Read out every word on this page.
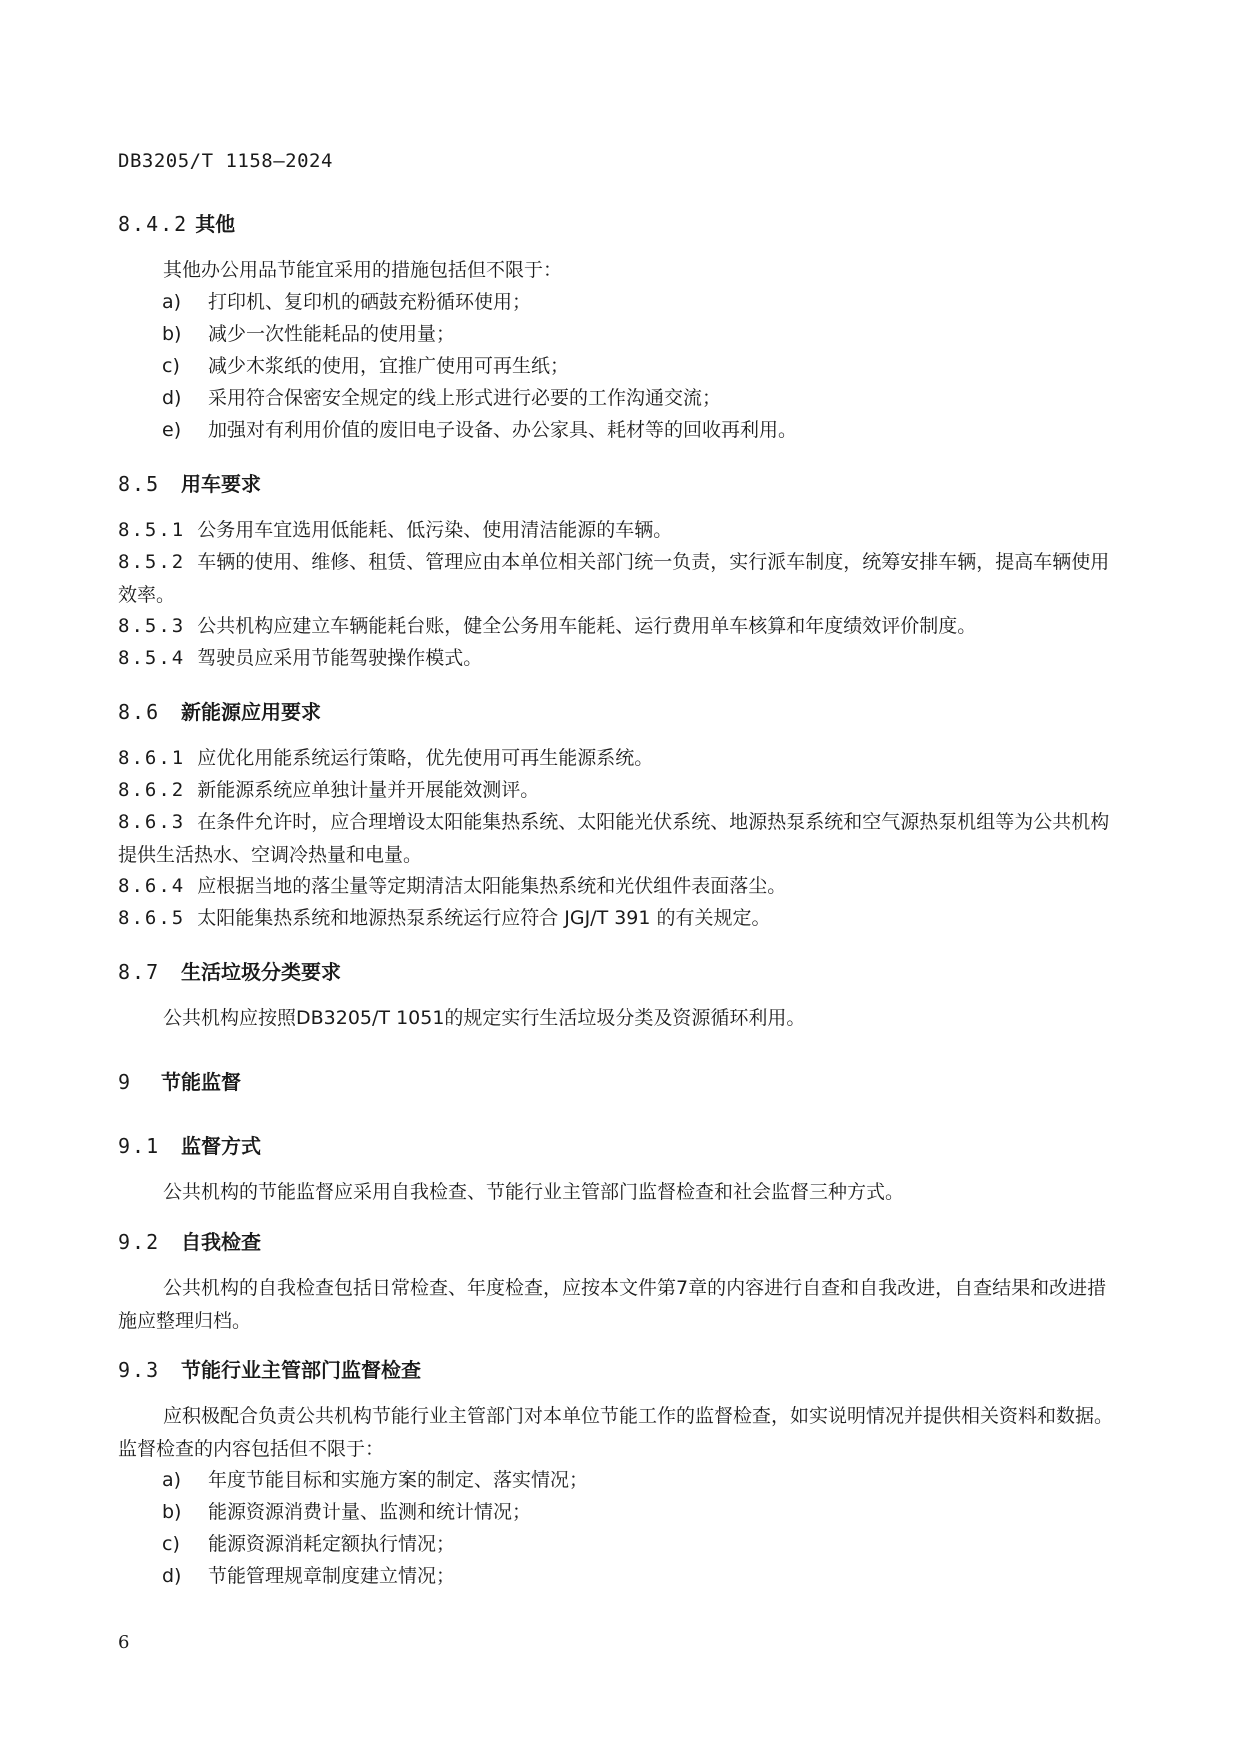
DB3205/T 1158—2024
8.4.2 其他
其他办公用品节能宜采用的措施包括但不限于：
a) 打印机、复印机的硒鼓充粉循环使用；
b) 减少一次性能耗品的使用量；
c) 减少木浆纸的使用，宜推广使用可再生纸；
d) 采用符合保密安全规定的线上形式进行必要的工作沟通交流；
e) 加强对有利用价值的废旧电子设备、办公家具、耗材等的回收再利用。
8.5 用车要求
8.5.1 公务用车宜选用低能耗、低污染、使用清洁能源的车辆。
8.5.2 车辆的使用、维修、租赁、管理应由本单位相关部门统一负责，实行派车制度，统筹安排车辆，提高车辆使用效率。
8.5.3 公共机构应建立车辆能耗台账，健全公务用车能耗、运行费用单车核算和年度绩效评价制度。
8.5.4 驾驶员应采用节能驾驶操作模式。
8.6 新能源应用要求
8.6.1 应优化用能系统运行策略，优先使用可再生能源系统。
8.6.2 新能源系统应单独计量并开展能效测评。
8.6.3 在条件允许时，应合理增设太阳能集热系统、太阳能光伏系统、地源热泵系统和空气源热泵机组等为公共机构提供生活热水、空调冷热量和电量。
8.6.4 应根据当地的落尘量等定期清洁太阳能集热系统和光伏组件表面落尘。
8.6.5 太阳能集热系统和地源热泵系统运行应符合 JGJ/T 391 的有关规定。
8.7 生活垃圾分类要求
公共机构应按照DB3205/T 1051的规定实行生活垃圾分类及资源循环利用。
9 节能监督
9.1 监督方式
公共机构的节能监督应采用自我检查、节能行业主管部门监督检查和社会监督三种方式。
9.2 自我检查
公共机构的自我检查包括日常检查、年度检查，应按本文件第7章的内容进行自查和自我改进，自查结果和改进措施应整理归档。
9.3 节能行业主管部门监督检查
应积极配合负责公共机构节能行业主管部门对本单位节能工作的监督检查，如实说明情况并提供相关资料和数据。监督检查的内容包括但不限于：
a) 年度节能目标和实施方案的制定、落实情况；
b) 能源资源消费计量、监测和统计情况；
c) 能源资源消耗定额执行情况；
d) 节能管理规章制度建立情况；
6
